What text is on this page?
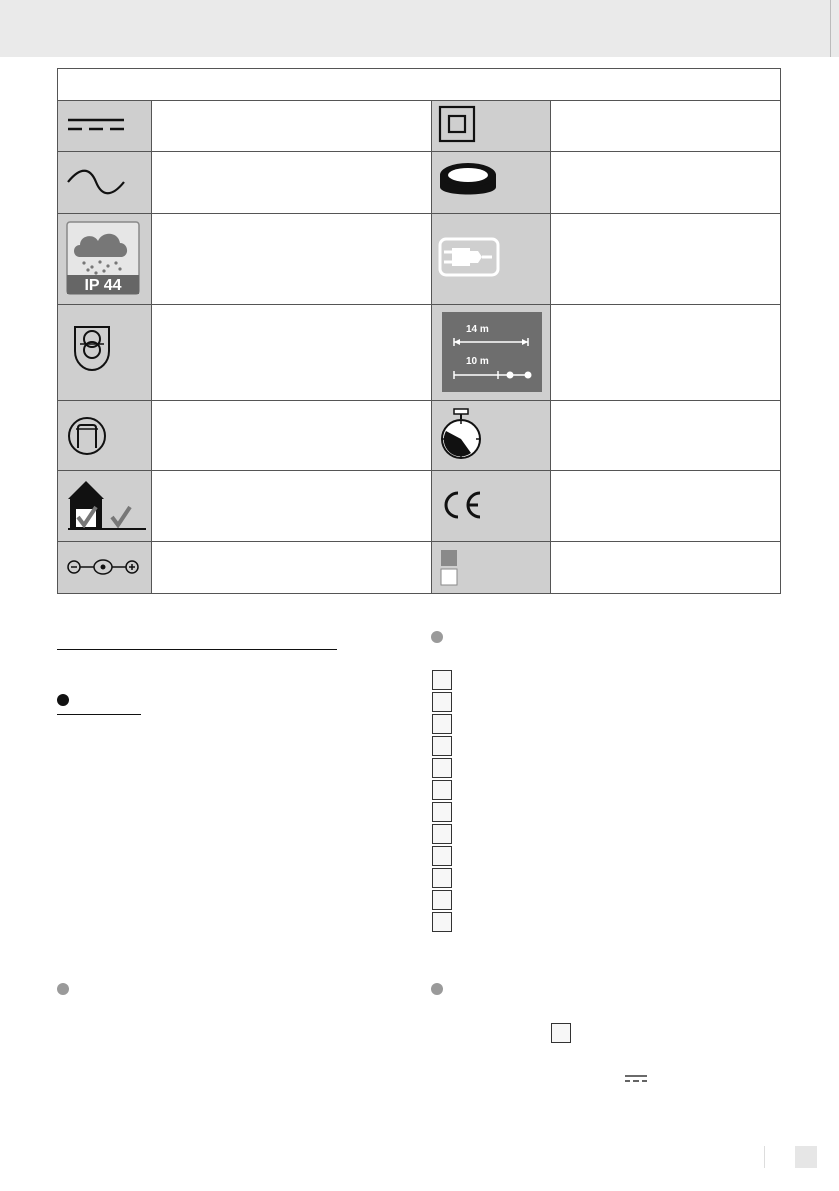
IP 44
14 m
10 m
